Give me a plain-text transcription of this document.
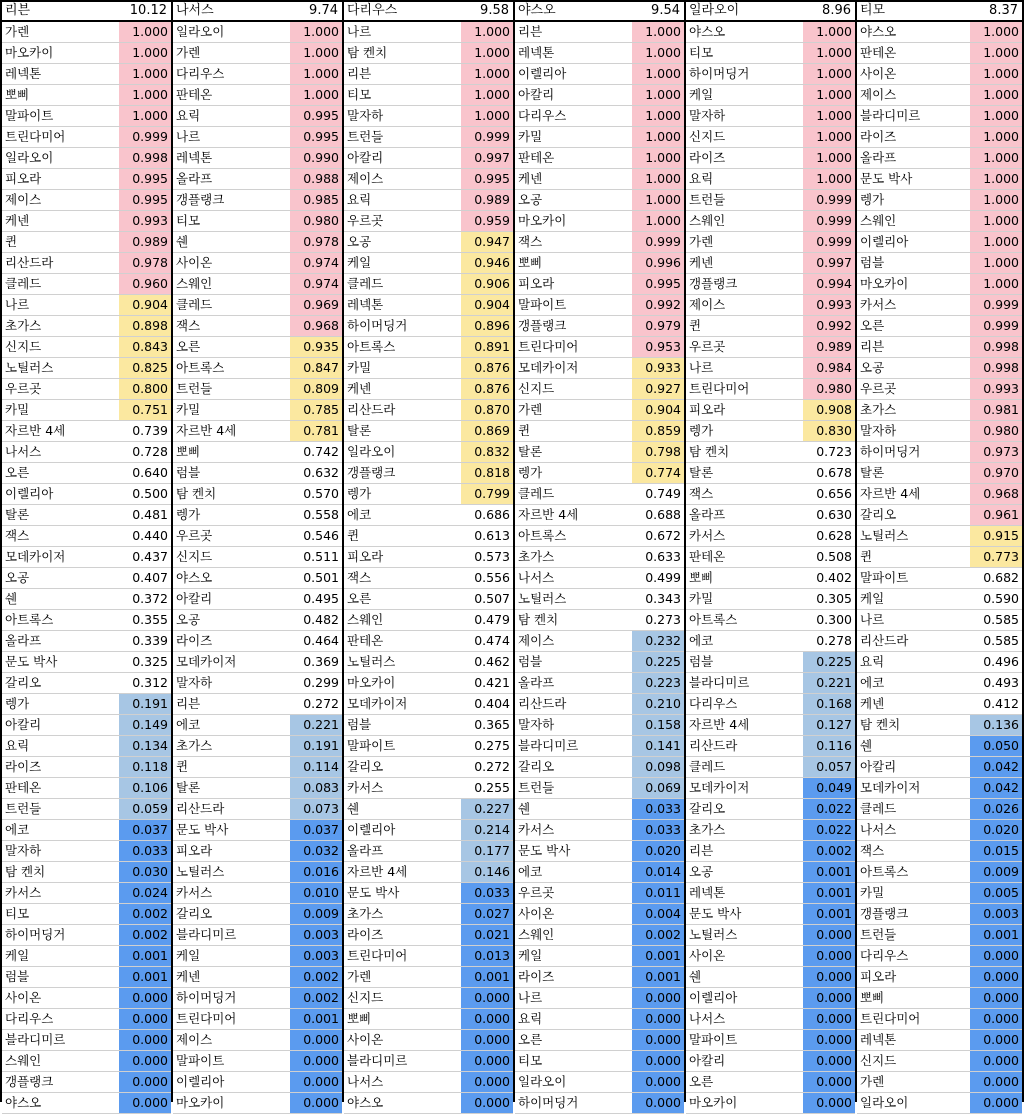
리븐	10.12
가렌	1.000
마오카이	1.000
레넥톤	1.000
뽀삐	1.000
말파이트	1.000
트린다미어	0.999
일라오이	0.998
피오라	0.995
제이스	0.995
케넨	0.993
퀸	0.989
리산드라	0.978
클레드	0.960
나르	0.904
초가스	0.898
신지드	0.843
노틸러스	0.825
우르곳	0.800
카밀	0.751
자르반 4세	0.739
나서스	0.728
오른	0.640
이렐리아	0.500
탈론	0.481
잭스	0.440
모데카이저	0.437
오공	0.407
쉔	0.372
아트록스	0.355
올라프	0.339
문도 박사	0.325
갈리오	0.312
렝가	0.191
아칼리	0.149
요릭	0.134
라이즈	0.118
판테온	0.106
트런들	0.059
에코	0.037
말자하	0.033
탐 켄치	0.030
카서스	0.024
티모	0.002
하이머딩거	0.002
케일	0.001
럼블	0.001
사이온	0.000
다리우스	0.000
블라디미르	0.000
스웨인	0.000
갱플랭크	0.000
야스오	0.000
나서스	9.74
일라오이	1.000
가렌	1.000
다리우스	1.000
판테온	1.000
요릭	0.995
나르	0.995
레넥톤	0.990
올라프	0.988
갱플랭크	0.985
티모	0.980
쉔	0.978
사이온	0.974
스웨인	0.974
클레드	0.969
잭스	0.968
오른	0.935
아트록스	0.847
트런들	0.809
카밀	0.785
자르반 4세	0.781
뽀삐	0.742
럼블	0.632
탐 켄치	0.570
렝가	0.558
우르곳	0.546
신지드	0.511
야스오	0.501
아칼리	0.495
오공	0.482
라이즈	0.464
모데카이저	0.369
말자하	0.299
리븐	0.272
에코	0.221
초가스	0.191
퀸	0.114
탈론	0.083
리산드라	0.073
문도 박사	0.037
피오라	0.032
노틸러스	0.016
카서스	0.010
갈리오	0.009
블라디미르	0.003
케일	0.003
케넨	0.002
하이머딩거	0.002
트린다미어	0.001
제이스	0.000
말파이트	0.000
이렐리아	0.000
마오카이	0.000
다리우스	9.58
나르	1.000
탐 켄치	1.000
리븐	1.000
티모	1.000
말자하	1.000
트런들	0.999
아칼리	0.997
제이스	0.995
요릭	0.989
우르곳	0.959
오공	0.947
케일	0.946
클레드	0.906
레넥톤	0.904
하이머딩거	0.896
아트록스	0.891
카밀	0.876
케넨	0.876
리산드라	0.870
탈론	0.869
일라오이	0.832
갱플랭크	0.818
렝가	0.799
에코	0.686
퀸	0.613
피오라	0.573
잭스	0.556
오른	0.507
스웨인	0.479
판테온	0.474
노틸러스	0.462
마오카이	0.421
모데카이저	0.404
럼블	0.365
말파이트	0.275
갈리오	0.272
카서스	0.255
쉔	0.227
이렐리아	0.214
올라프	0.177
자르반 4세	0.146
문도 박사	0.033
초가스	0.027
라이즈	0.021
트린다미어	0.013
가렌	0.001
신지드	0.000
뽀삐	0.000
사이온	0.000
블라디미르	0.000
나서스	0.000
야스오	0.000
야스오	9.54
리븐	1.000
레넥톤	1.000
이렐리아	1.000
아칼리	1.000
다리우스	1.000
카밀	1.000
판테온	1.000
케넨	1.000
오공	1.000
마오카이	1.000
잭스	0.999
뽀삐	0.996
피오라	0.995
말파이트	0.992
갱플랭크	0.979
트린다미어	0.953
모데카이저	0.933
신지드	0.927
가렌	0.904
퀸	0.859
탈론	0.798
렝가	0.774
클레드	0.749
자르반 4세	0.688
아트록스	0.672
초가스	0.633
나서스	0.499
노틸러스	0.343
탐 켄치	0.273
제이스	0.232
럼블	0.225
올라프	0.223
리산드라	0.210
말자하	0.158
블라디미르	0.141
갈리오	0.098
트런들	0.069
쉔	0.033
카서스	0.033
문도 박사	0.020
에코	0.014
우르곳	0.011
사이온	0.004
스웨인	0.002
케일	0.001
라이즈	0.001
나르	0.000
요릭	0.000
오른	0.000
티모	0.000
일라오이	0.000
하이머딩거	0.000
일라오이	8.96
야스오	1.000
티모	1.000
하이머딩거	1.000
케일	1.000
말자하	1.000
신지드	1.000
라이즈	1.000
요릭	1.000
트런들	0.999
스웨인	0.999
가렌	0.999
케넨	0.997
갱플랭크	0.994
제이스	0.993
퀸	0.992
우르곳	0.989
나르	0.984
트린다미어	0.980
피오라	0.908
렝가	0.830
탐 켄치	0.723
탈론	0.678
잭스	0.656
올라프	0.630
카서스	0.628
판테온	0.508
뽀삐	0.402
카밀	0.305
아트록스	0.300
에코	0.278
럼블	0.225
블라디미르	0.221
다리우스	0.168
자르반 4세	0.127
리산드라	0.116
클레드	0.057
모데카이저	0.049
갈리오	0.022
초가스	0.022
리븐	0.002
오공	0.001
레넥톤	0.001
문도 박사	0.001
노틸러스	0.000
사이온	0.000
쉔	0.000
이렐리아	0.000
나서스	0.000
말파이트	0.000
아칼리	0.000
오른	0.000
마오카이	0.000
티모	8.37
야스오	1.000
판테온	1.000
사이온	1.000
제이스	1.000
블라디미르	1.000
라이즈	1.000
올라프	1.000
문도 박사	1.000
렝가	1.000
스웨인	1.000
이렐리아	1.000
럼블	1.000
마오카이	1.000
카서스	0.999
오른	0.999
리븐	0.998
오공	0.998
우르곳	0.993
초가스	0.981
말자하	0.980
하이머딩거	0.973
탈론	0.970
자르반 4세	0.968
갈리오	0.961
노틸러스	0.915
퀸	0.773
말파이트	0.682
케일	0.590
나르	0.585
리산드라	0.585
요릭	0.496
에코	0.493
케넨	0.412
탐 켄치	0.136
쉔	0.050
아칼리	0.042
모데카이저	0.042
클레드	0.026
나서스	0.020
잭스	0.015
아트록스	0.009
카밀	0.005
갱플랭크	0.003
트런들	0.001
다리우스	0.000
피오라	0.000
뽀삐	0.000
트린다미어	0.000
레넥톤	0.000
신지드	0.000
가렌	0.000
일라오이	0.000
